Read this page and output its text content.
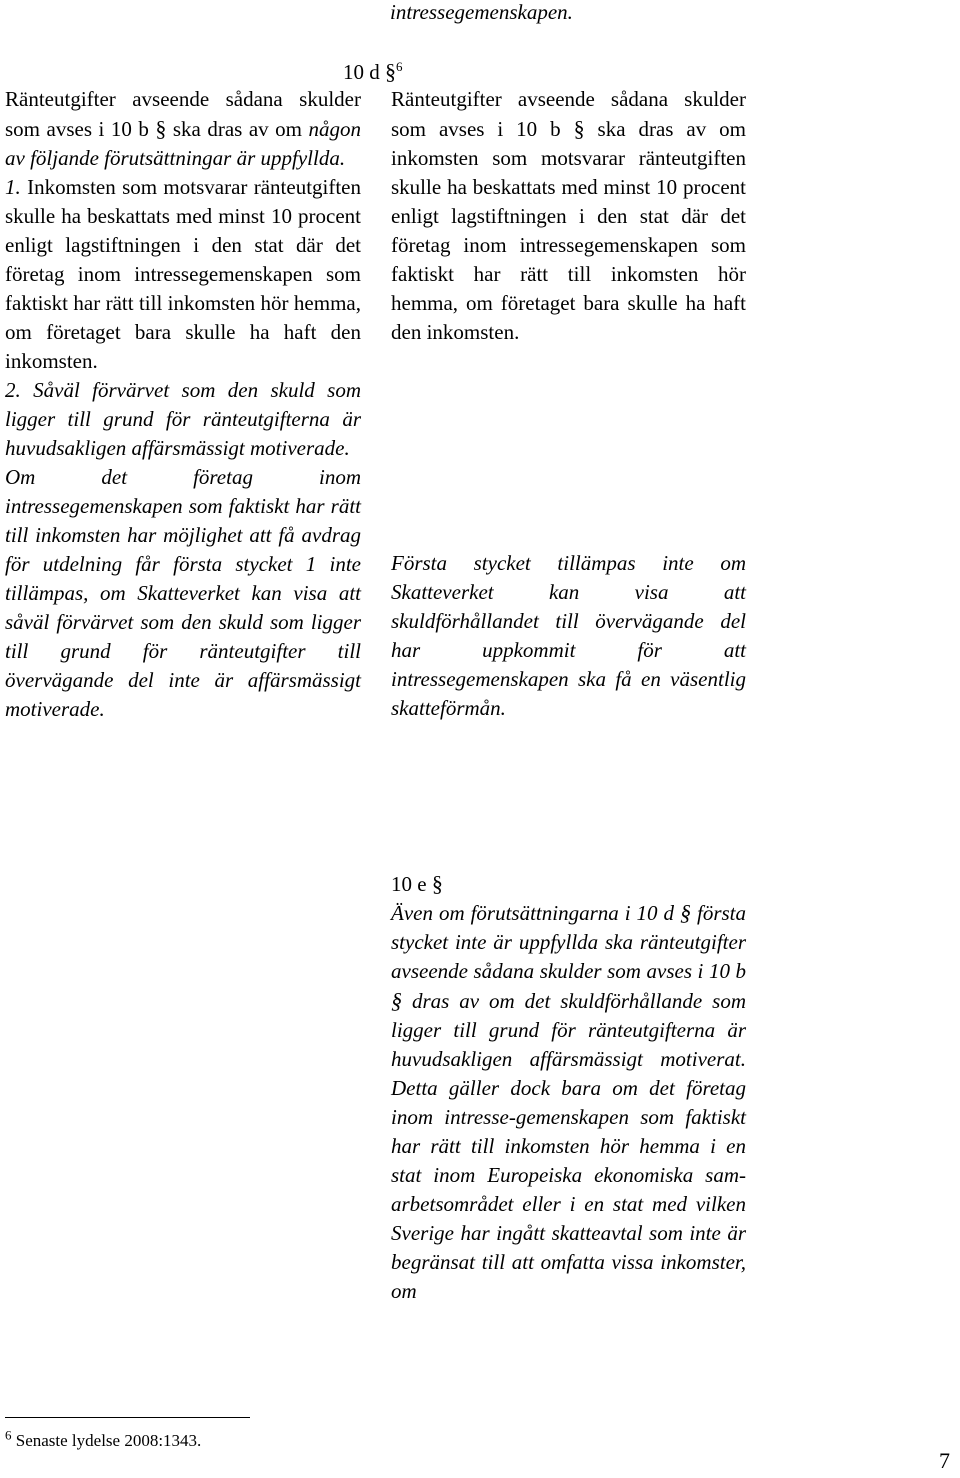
intressegemenskapen.
10 d §$^6$

Ränteutgifter avseende sådana skulder som avses i 10 b § ska dras av om någon av följande förutsättningar är uppfyllda.

1. Inkomsten som motsvarar ränteutgiften skulle ha beskattats med minst 10 procent enligt lagstiftningen i den stat där det företag inom intressegemenskapen som faktiskt har rätt till inkomsten hör hemma, om företaget bara skulle ha haft den inkomsten.

2. Såväl förvärvet som den skuld som ligger till grund för ränteutgifterna är huvudsakligen affärsmässigt motiverade.

Om det företag inom intressegemenskapen som faktiskt har rätt till inkomsten har möjlighet att få avdrag för utdelning får första stycket 1 inte tillämpas, om Skatteverket kan visa att såväl förvärvet som den skuld som ligger till grund för ränteutgifter till övervägande del inte är affärsmässigt motiverade.

Ränteutgifter avseende sådana skulder som avses i 10 b § ska dras av om inkomsten som motsvarar ränteutgiften skulle ha beskattats med minst 10 procent enligt lagstiftningen i den stat där det företag inom intressegemenskapen som faktiskt har rätt till inkomsten hör hemma, om företaget bara skulle ha haft den inkomsten.

Första stycket tillämpas inte om Skatteverket kan visa att skuldförhållandet till övervägande del har uppkommit för att intressegemenskapen ska få en väsentlig skatteförmån.

10 e §

Även om förutsättningarna i 10 d § första stycket inte är uppfyllda ska ränteutgifter avseende sådana skulder som avses i 10 b § dras av om det skuldförhållande som ligger till grund för ränteutgifterna är huvudsakligen affärsmässigt motiverat. Detta gäller dock bara om det företag inom intresse-gemenskapen som faktiskt har rätt till inkomsten hör hemma i en stat inom Europeiska ekonomiska sam-arbetsområdet eller i en stat med vilken Sverige har ingått skatteavtal som inte är begränsat till att omfatta vissa inkomster, om

$^6$ Senaste lydelse 2008:1343.
7
